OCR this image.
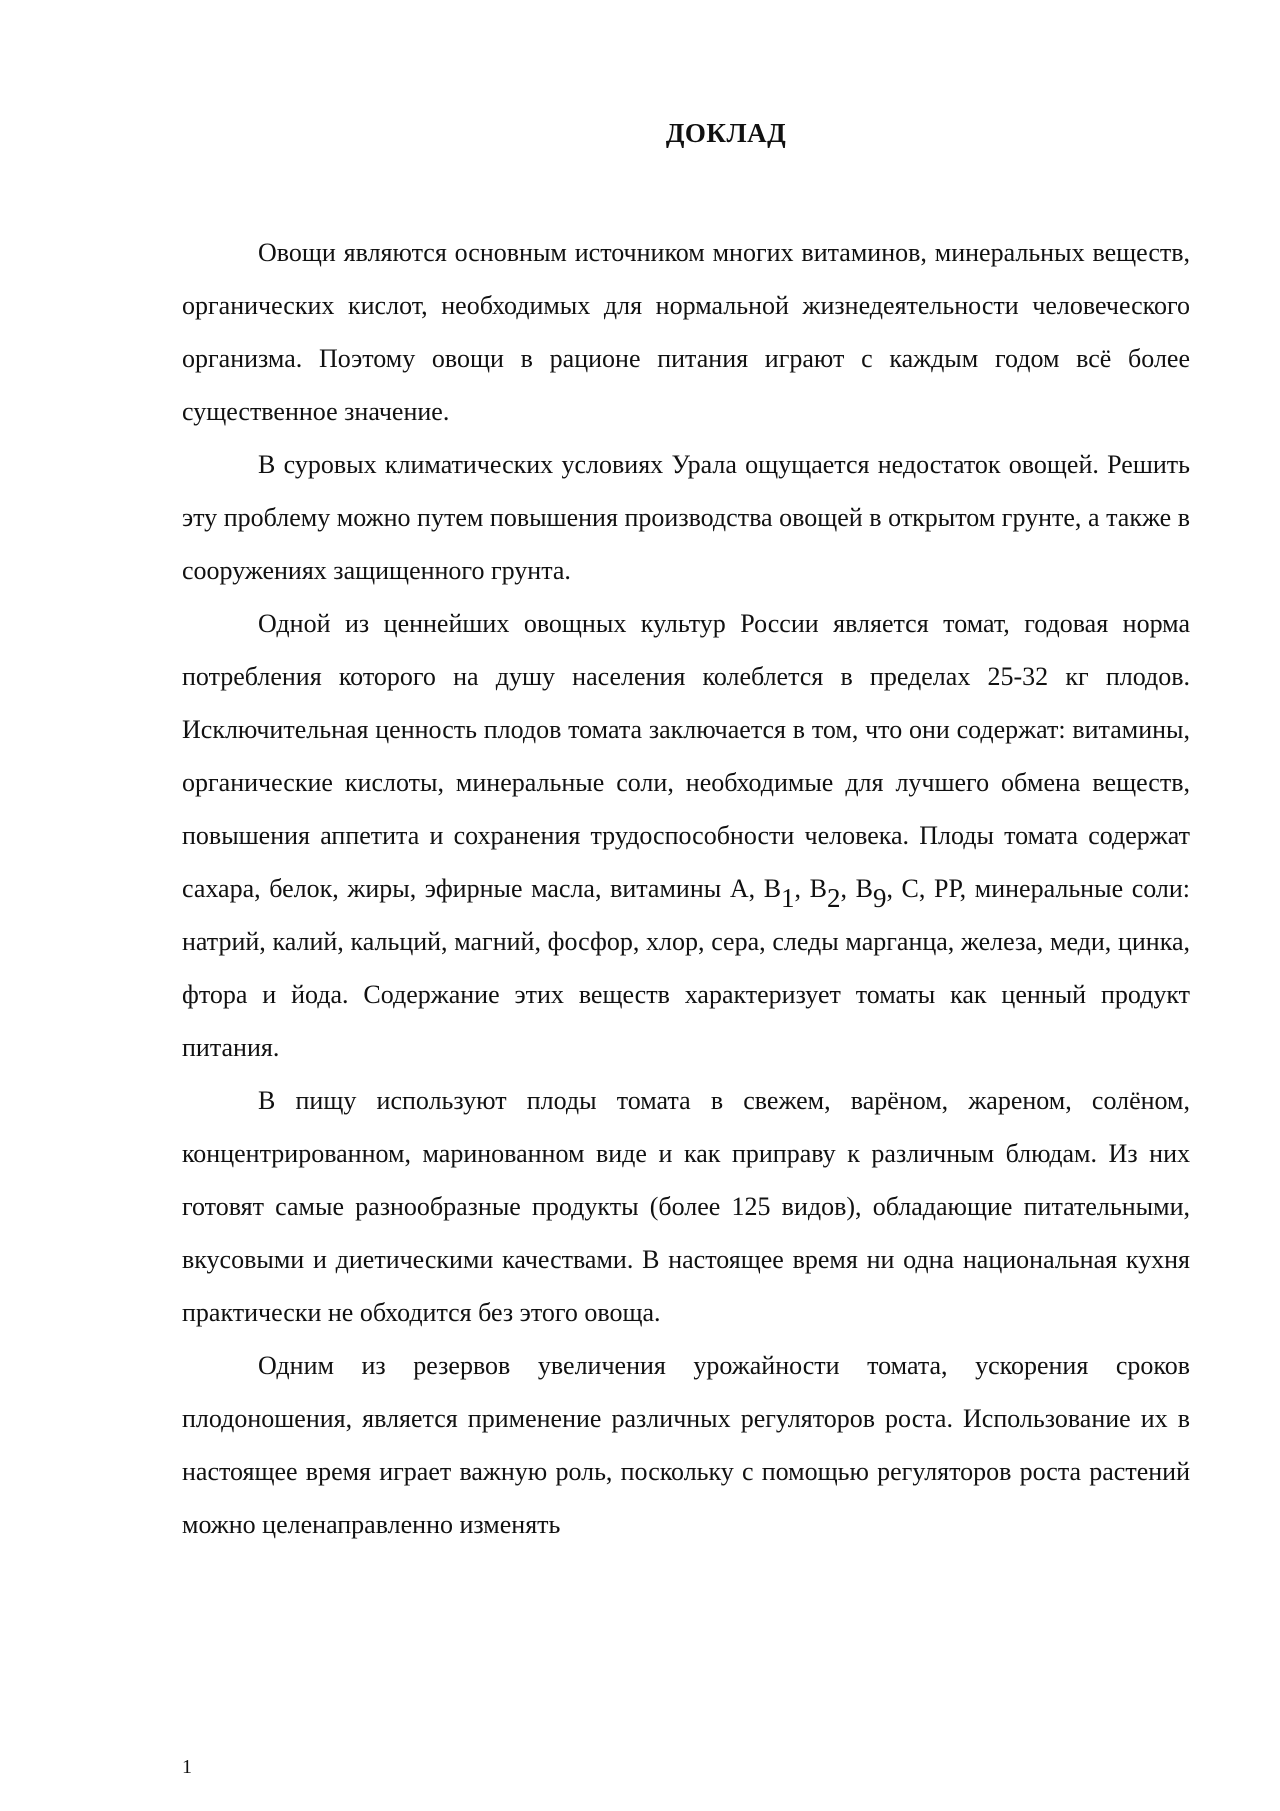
ДОКЛАД

Овощи являются основным источником многих витаминов, минеральных веществ, органических кислот, необходимых для нормальной жизнедеятельности человеческого организма. Поэтому овощи в рационе питания играют с каждым годом всё более существенное значение.

В суровых климатических условиях Урала ощущается недостаток овощей. Решить эту проблему можно путем повышения производства овощей в открытом грунте, а также в сооружениях защищенного грунта.

Одной из ценнейших овощных культур России является томат, годовая норма потребления которого на душу населения колеблется в пределах 25-32 кг плодов. Исключительная ценность плодов томата заключается в том, что они содержат: витамины, органические кислоты, минеральные соли, необходимые для лучшего обмена веществ, повышения аппетита и сохранения трудоспособности человека. Плоды томата содержат сахара, белок, жиры, эфирные масла, витамины А, $В_1$, $В_2$, $В_9$, С, РР, минеральные соли: натрий, калий, кальций, магний, фосфор, хлор, сера, следы марганца, железа, меди, цинка, фтора и йода. Содержание этих веществ характеризует томаты как ценный продукт питания.

В пищу используют плоды томата в свежем, варёном, жареном, солёном, концентрированном, маринованном виде и как приправу к различным блюдам. Из них готовят самые разнообразные продукты (более 125 видов), обладающие питательными, вкусовыми и диетическими качествами. В настоящее время ни одна национальная кухня практически не обходится без этого овоща.

Одним из резервов увеличения урожайности томата, ускорения сроков плодоношения, является применение различных регуляторов роста. Использование их в настоящее время играет важную роль, поскольку с помощью регуляторов роста растений можно целенаправленно изменять

1
